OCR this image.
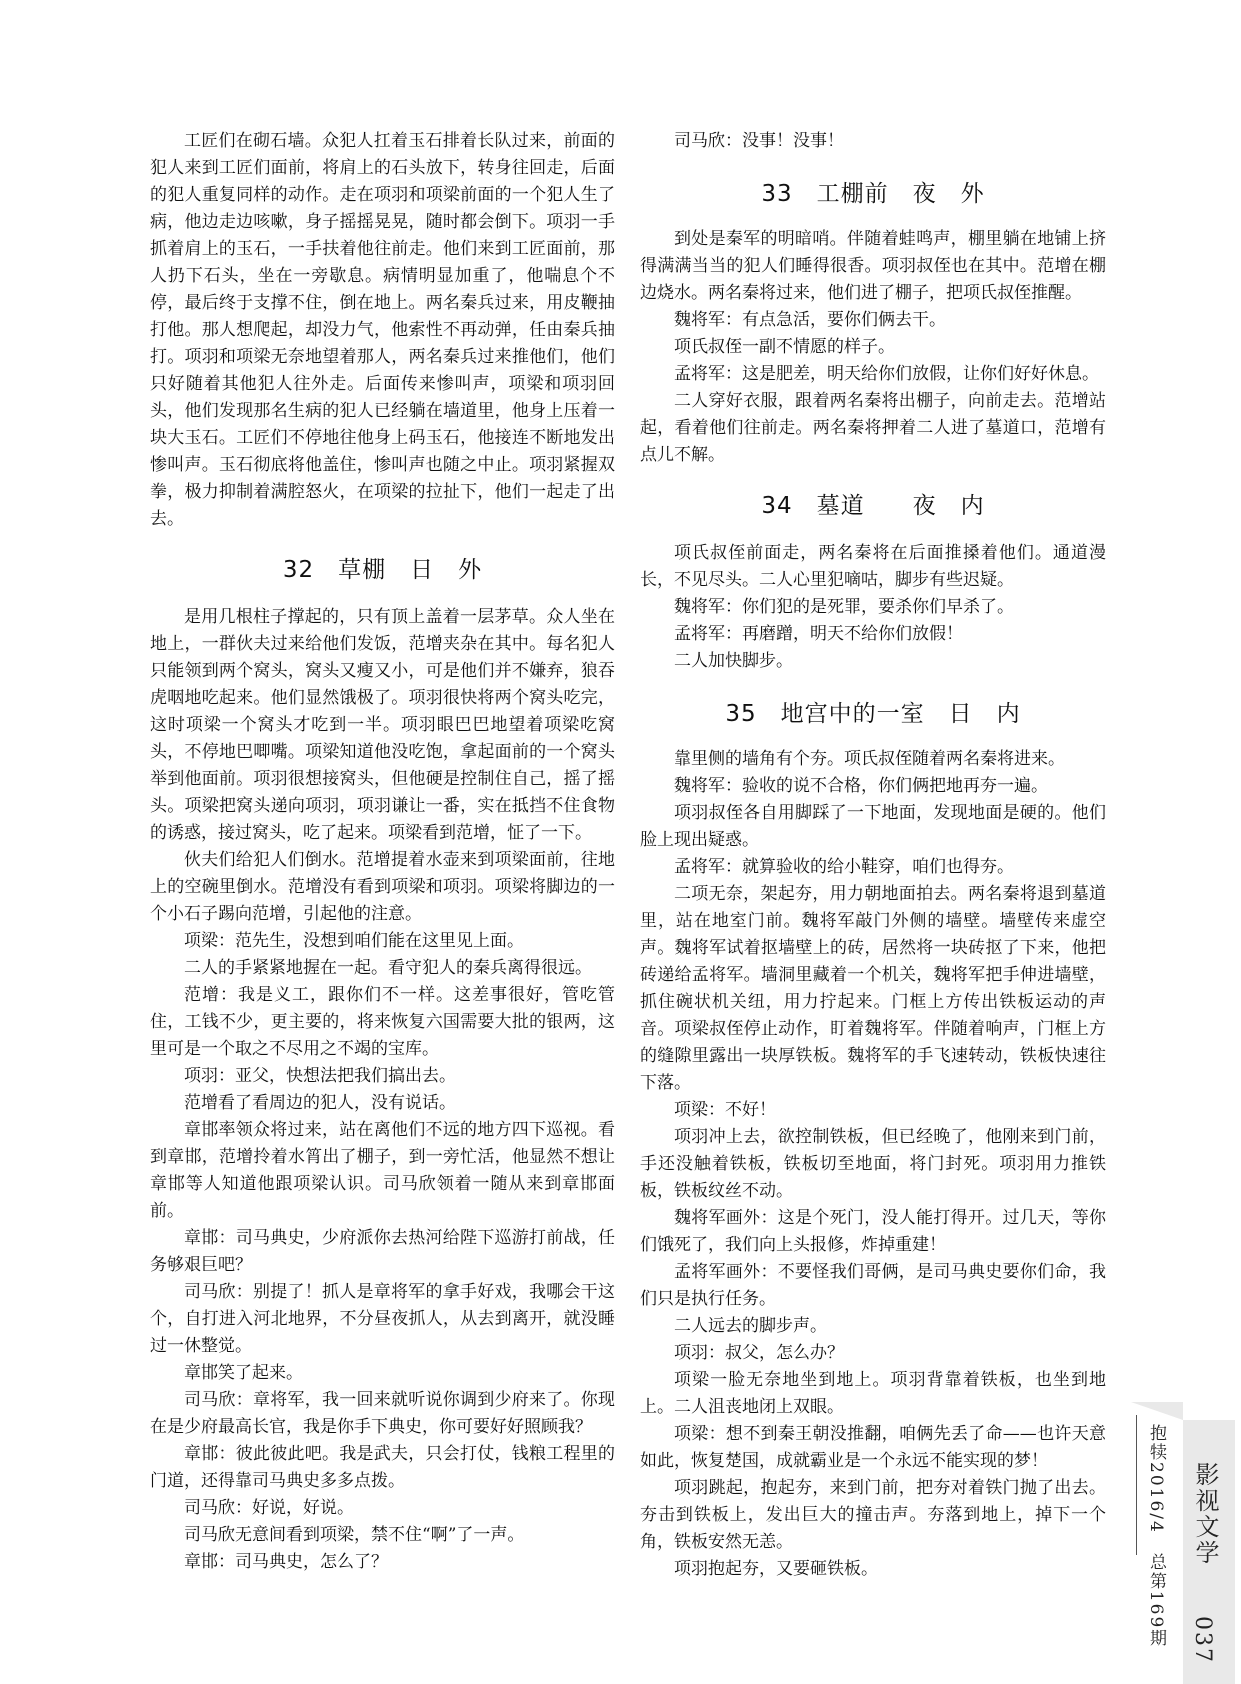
工匠们在砌石墙。众犯人扛着玉石排着长队过来，前面的犯人来到工匠们面前，将肩上的石头放下，转身往回走，后面的犯人重复同样的动作。走在项羽和项梁前面的一个犯人生了病，他边走边咳嗽，身子摇摇晃晃，随时都会倒下。项羽一手抓着肩上的玉石，一手扶着他往前走。他们来到工匠面前，那人扔下石头，坐在一旁歇息。病情明显加重了，他喘息个不停，最后终于支撑不住，倒在地上。两名秦兵过来，用皮鞭抽打他。那人想爬起，却没力气，他索性不再动弹，任由秦兵抽打。项羽和项梁无奈地望着那人，两名秦兵过来推他们，他们只好随着其他犯人往外走。后面传来惨叫声，项梁和项羽回头，他们发现那名生病的犯人已经躺在墙道里，他身上压着一块大玉石。工匠们不停地往他身上码玉石，他接连不断地发出惨叫声。玉石彻底将他盖住，惨叫声也随之中止。项羽紧握双拳，极力抑制着满腔怒火，在项梁的拉扯下，他们一起走了出去。

32　草棚　日　外

是用几根柱子撑起的，只有顶上盖着一层茅草。众人坐在地上，一群伙夫过来给他们发饭，范增夹杂在其中。每名犯人只能领到两个窝头，窝头又瘦又小，可是他们并不嫌弃，狼吞虎咽地吃起来。他们显然饿极了。项羽很快将两个窝头吃完，这时项梁一个窝头才吃到一半。项羽眼巴巴地望着项梁吃窝头，不停地巴唧嘴。项梁知道他没吃饱，拿起面前的一个窝头举到他面前。项羽很想接窝头，但他硬是控制住自己，摇了摇头。项梁把窝头递向项羽，项羽谦让一番，实在抵挡不住食物的诱惑，接过窝头，吃了起来。项梁看到范增，怔了一下。

伙夫们给犯人们倒水。范增提着水壶来到项梁面前，往地上的空碗里倒水。范增没有看到项梁和项羽。项梁将脚边的一个小石子踢向范增，引起他的注意。

项梁：范先生，没想到咱们能在这里见上面。

二人的手紧紧地握在一起。看守犯人的秦兵离得很远。

范增：我是义工，跟你们不一样。这差事很好，管吃管住，工钱不少，更主要的，将来恢复六国需要大批的银两，这里可是一个取之不尽用之不竭的宝库。

项羽：亚父，快想法把我们搞出去。

范增看了看周边的犯人，没有说话。

章邯率领众将过来，站在离他们不远的地方四下巡视。看到章邯，范增拎着水筲出了棚子，到一旁忙活，他显然不想让章邯等人知道他跟项梁认识。司马欣领着一随从来到章邯面前。

章邯：司马典史，少府派你去热河给陛下巡游打前战，任务够艰巨吧？

司马欣：别提了！抓人是章将军的拿手好戏，我哪会干这个，自打进入河北地界，不分昼夜抓人，从去到离开，就没睡过一休整觉。

章邯笑了起来。

司马欣：章将军，我一回来就听说你调到少府来了。你现在是少府最高长官，我是你手下典史，你可要好好照顾我？

章邯：彼此彼此吧。我是武夫，只会打仗，钱粮工程里的门道，还得靠司马典史多多点拨。

司马欣：好说，好说。

司马欣无意间看到项梁，禁不住“啊”了一声。

章邯：司马典史，怎么了？

司马欣：没事！没事！

33　工棚前　夜　外

到处是秦军的明暗哨。伴随着蛙鸣声，棚里躺在地铺上挤得满满当当的犯人们睡得很香。项羽叔侄也在其中。范增在棚边烧水。两名秦将过来，他们进了棚子，把项氏叔侄推醒。

魏将军：有点急活，要你们俩去干。

项氏叔侄一副不情愿的样子。

孟将军：这是肥差，明天给你们放假，让你们好好休息。

二人穿好衣服，跟着两名秦将出棚子，向前走去。范增站起，看着他们往前走。两名秦将押着二人进了墓道口，范增有点儿不解。

34　墓道　　夜　内

项氏叔侄前面走，两名秦将在后面推搡着他们。通道漫长，不见尽头。二人心里犯嘀咕，脚步有些迟疑。

魏将军：你们犯的是死罪，要杀你们早杀了。

孟将军：再磨蹭，明天不给你们放假！

二人加快脚步。

35　地宫中的一室　日　内

靠里侧的墙角有个夯。项氏叔侄随着两名秦将进来。

魏将军：验收的说不合格，你们俩把地再夯一遍。

项羽叔侄各自用脚踩了一下地面，发现地面是硬的。他们脸上现出疑惑。

孟将军：就算验收的给小鞋穿，咱们也得夯。

二项无奈，架起夯，用力朝地面拍去。两名秦将退到墓道里，站在地室门前。魏将军敲门外侧的墙壁。墙壁传来虚空声。魏将军试着抠墙壁上的砖，居然将一块砖抠了下来，他把砖递给孟将军。墙洞里藏着一个机关，魏将军把手伸进墙壁，抓住碗状机关纽，用力拧起来。门框上方传出铁板运动的声音。项梁叔侄停止动作，盯着魏将军。伴随着响声，门框上方的缝隙里露出一块厚铁板。魏将军的手飞速转动，铁板快速往下落。

项梁：不好！

项羽冲上去，欲控制铁板，但已经晚了，他刚来到门前，手还没触着铁板，铁板切至地面，将门封死。项羽用力推铁板，铁板纹丝不动。

魏将军画外：这是个死门，没人能打得开。过几天，等你们饿死了，我们向上头报修，炸掉重建！

孟将军画外：不要怪我们哥俩，是司马典史要你们命，我们只是执行任务。

二人远去的脚步声。

项羽：叔父，怎么办？

项梁一脸无奈地坐到地上。项羽背靠着铁板，也坐到地上。二人沮丧地闭上双眼。

项梁：想不到秦王朝没推翻，咱俩先丢了命——也许天意如此，恢复楚国，成就霸业是一个永远不能实现的梦！

项羽跳起，抱起夯，来到门前，把夯对着铁门抛了出去。夯击到铁板上，发出巨大的撞击声。夯落到地上，掉下一个角，铁板安然无恙。

项羽抱起夯，又要砸铁板。	抱犊2016/4　总第169期 影视文学
037
